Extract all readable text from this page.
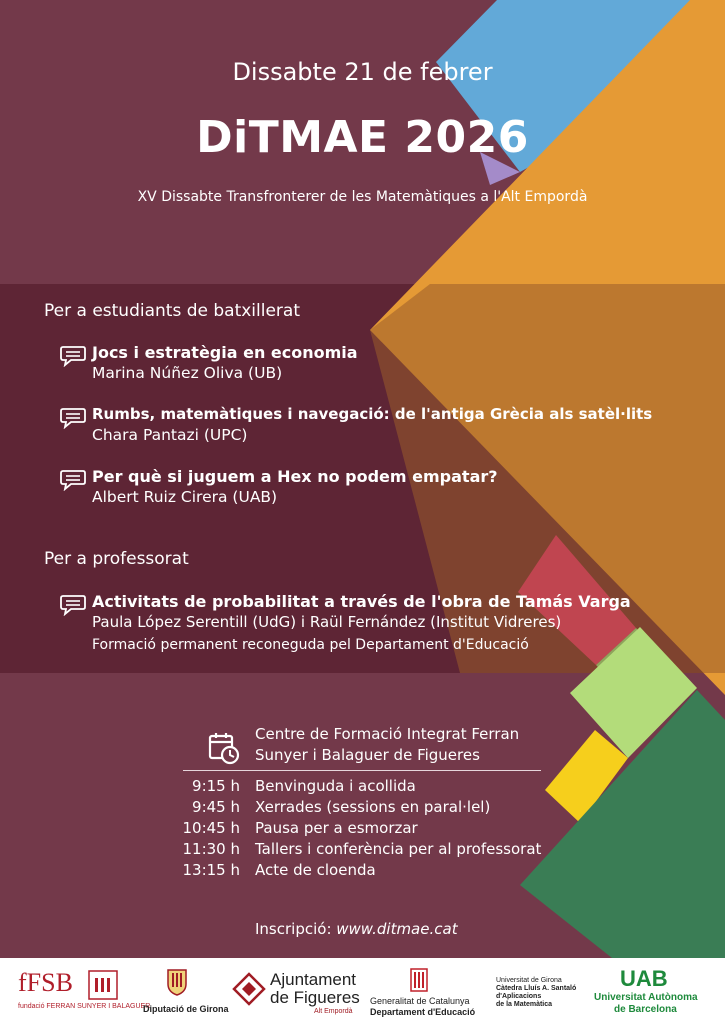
Dissabte 21 de febrer
DiTMAE 2026
XV Dissabte Transfronterer de les Matemàtiques a l'Alt Empordà
Per a estudiants de batxillerat
Jocs i estratègia en economia
Marina Núñez Oliva (UB)
Rumbs, matemàtiques i navegació: de l'antiga Grècia als satèl·lits
Chara Pantazi (UPC)
Per què si juguem a Hex no podem empatar?
Albert Ruiz Cirera (UAB)
Per a professorat
Activitats de probabilitat a través de l'obra de Tamás Varga
Paula López Serentill (UdG) i Raül Fernández (Institut Vidreres)
Formació permanent reconeguda pel Departament d'Educació
Centre de Formació Integrat Ferran
Sunyer i Balaguer de Figueres
9:15 h Benvinguda i acollida
9:45 h Xerrades (sessions en paral·lel)
10:45 h Pausa per a esmorzar
11:30 h Tallers i conferència per al professorat
13:15 h Acte de cloenda
Inscripció: www.ditmae.cat
fFSB
fundació FERRAN SUNYER I BALAGUER
Diputació de Girona
Ajuntament
de Figueres
Alt Empordà
Generalitat de Catalunya
Departament d'Educació
Universitat de Girona
Càtedra Lluís A. Santaló
d'Aplicacions
de la Matemàtica
UAB
Universitat Autònoma
de Barcelona
